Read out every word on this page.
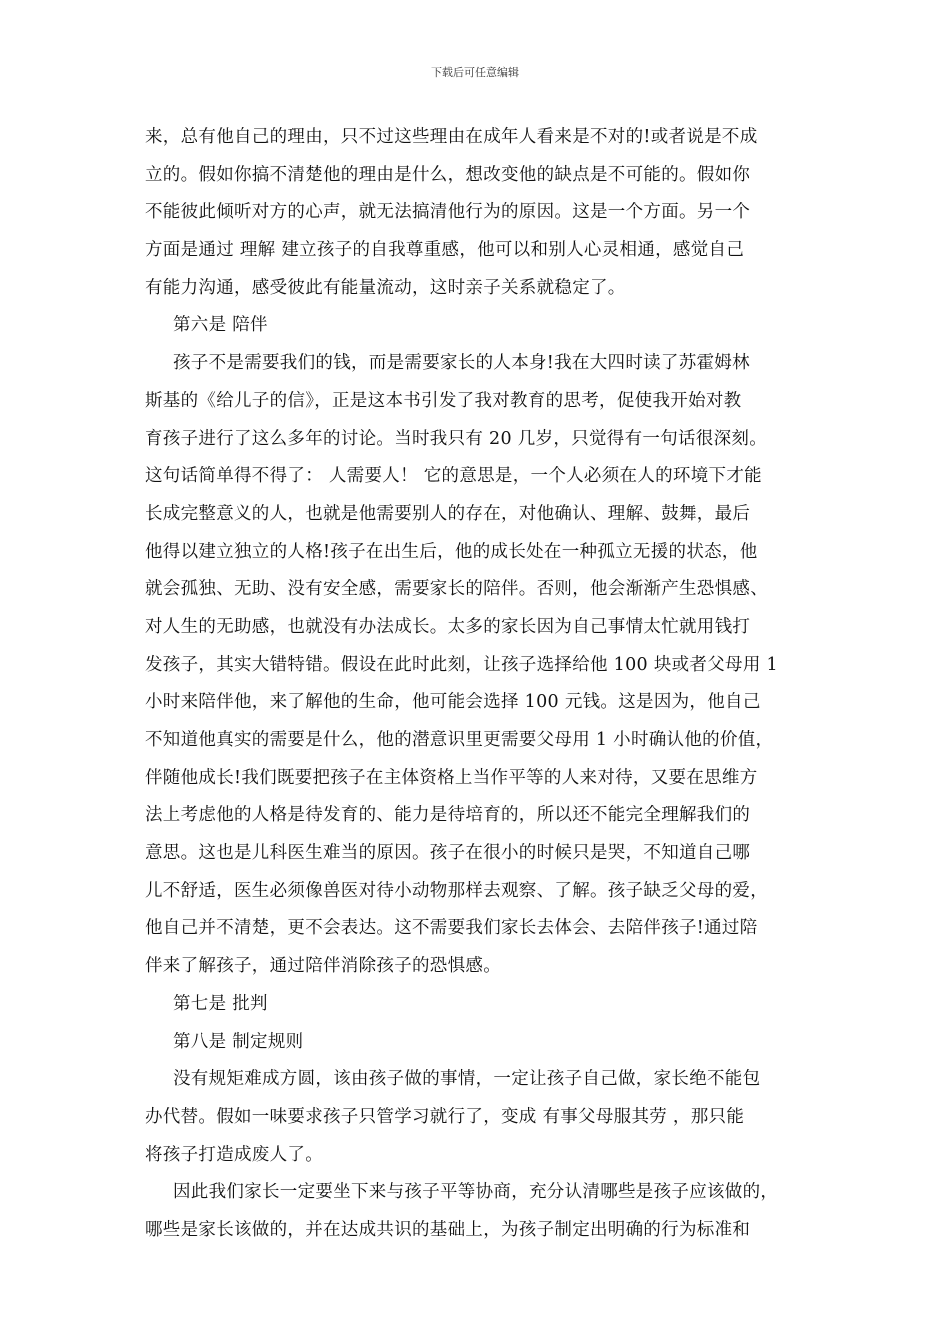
下载后可任意编辑
来，总有他自己的理由，只不过这些理由在成年人看来是不对的!或者说是不成
立的。假如你搞不清楚他的理由是什么，想改变他的缺点是不可能的。假如你
不能彼此倾听对方的心声，就无法搞清他行为的原因。这是一个方面。另一个
方面是通过 理解 建立孩子的自我尊重感，他可以和别人心灵相通，感觉自己
有能力沟通，感受彼此有能量流动，这时亲子关系就稳定了。
第六是 陪伴
孩子不是需要我们的钱，而是需要家长的人本身!我在大四时读了苏霍姆林
斯基的《给儿子的信》，正是这本书引发了我对教育的思考，促使我开始对教
育孩子进行了这么多年的讨论。当时我只有 20 几岁，只觉得有一句话很深刻。
这句话简单得不得了： 人需要人！ 它的意思是，一个人必须在人的环境下才能
长成完整意义的人，也就是他需要别人的存在，对他确认、理解、鼓舞，最后
他得以建立独立的人格!孩子在出生后，他的成长处在一种孤立无援的状态，他
就会孤独、无助、没有安全感，需要家长的陪伴。否则，他会渐渐产生恐惧感、
对人生的无助感，也就没有办法成长。太多的家长因为自己事情太忙就用钱打
发孩子，其实大错特错。假设在此时此刻，让孩子选择给他 100 块或者父母用 1
小时来陪伴他，来了解他的生命，他可能会选择 100 元钱。这是因为，他自己
不知道他真实的需要是什么，他的潜意识里更需要父母用 1 小时确认他的价值，
伴随他成长!我们既要把孩子在主体资格上当作平等的人来对待，又要在思维方
法上考虑他的人格是待发育的、能力是待培育的，所以还不能完全理解我们的
意思。这也是儿科医生难当的原因。孩子在很小的时候只是哭，不知道自己哪
儿不舒适，医生必须像兽医对待小动物那样去观察、了解。孩子缺乏父母的爱，
他自己并不清楚，更不会表达。这不需要我们家长去体会、去陪伴孩子!通过陪
伴来了解孩子，通过陪伴消除孩子的恐惧感。
第七是 批判
第八是 制定规则
没有规矩难成方圆，该由孩子做的事情，一定让孩子自己做，家长绝不能包
办代替。假如一味要求孩子只管学习就行了，变成 有事父母服其劳 ，那只能
将孩子打造成废人了。
因此我们家长一定要坐下来与孩子平等协商，充分认清哪些是孩子应该做的，
哪些是家长该做的，并在达成共识的基础上，为孩子制定出明确的行为标准和
